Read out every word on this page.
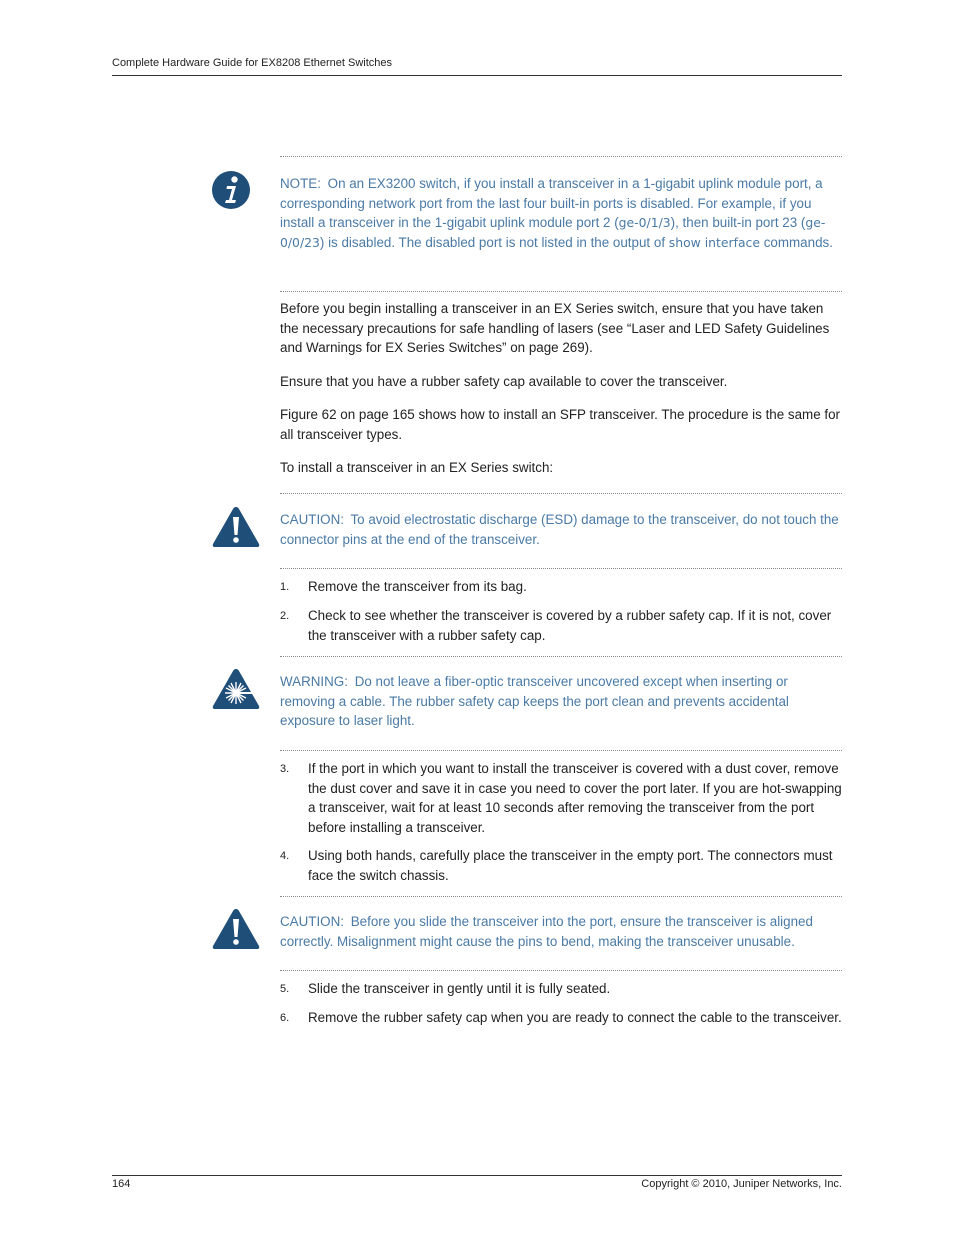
Complete Hardware Guide for EX8208 Ethernet Switches
NOTE: On an EX3200 switch, if you install a transceiver in a 1-gigabit uplink module port, a corresponding network port from the last four built-in ports is disabled. For example, if you install a transceiver in the 1-gigabit uplink module port 2 (ge-0/1/3), then built-in port 23 (ge-0/0/23) is disabled. The disabled port is not listed in the output of show interface commands.
Before you begin installing a transceiver in an EX Series switch, ensure that you have taken the necessary precautions for safe handling of lasers (see “Laser and LED Safety Guidelines and Warnings for EX Series Switches” on page 269).
Ensure that you have a rubber safety cap available to cover the transceiver.
Figure 62 on page 165 shows how to install an SFP transceiver. The procedure is the same for all transceiver types.
To install a transceiver in an EX Series switch:
CAUTION: To avoid electrostatic discharge (ESD) damage to the transceiver, do not touch the connector pins at the end of the transceiver.
1. Remove the transceiver from its bag.
2. Check to see whether the transceiver is covered by a rubber safety cap. If it is not, cover the transceiver with a rubber safety cap.
WARNING: Do not leave a fiber-optic transceiver uncovered except when inserting or removing a cable. The rubber safety cap keeps the port clean and prevents accidental exposure to laser light.
3. If the port in which you want to install the transceiver is covered with a dust cover, remove the dust cover and save it in case you need to cover the port later. If you are hot-swapping a transceiver, wait for at least 10 seconds after removing the transceiver from the port before installing a transceiver.
4. Using both hands, carefully place the transceiver in the empty port. The connectors must face the switch chassis.
CAUTION: Before you slide the transceiver into the port, ensure the transceiver is aligned correctly. Misalignment might cause the pins to bend, making the transceiver unusable.
5. Slide the transceiver in gently until it is fully seated.
6. Remove the rubber safety cap when you are ready to connect the cable to the transceiver.
164	Copyright © 2010, Juniper Networks, Inc.
